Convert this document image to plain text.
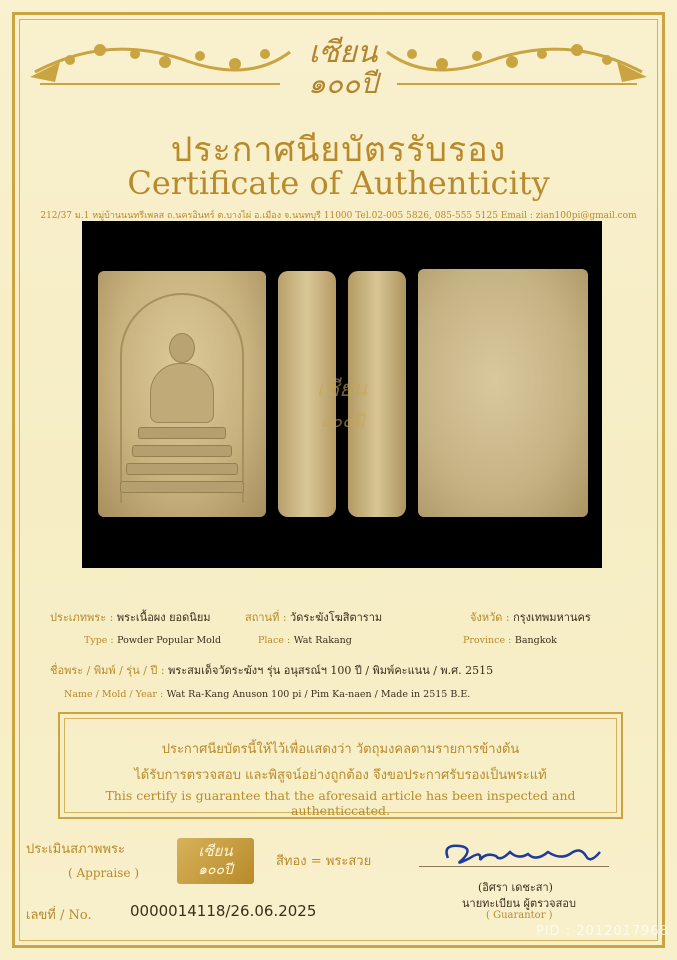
เซียน
๑๐๐ปี
ประกาศนียบัตรรับรอง
Certificate of Authenticity
212/37 ม.1 หมู่บ้านนนทรีเพลส ถ.นครอินทร์ ต.บางไผ่ อ.เมือง จ.นนทบุรี 11000 Tel.02-005 5826, 085-555 5125 Email : zian100pi@gmail.com
เซียน
๑๐๐ปี
ประเภทพระ : พระเนื้อผง ยอดนิยม	สถานที่ : วัดระฆังโฆสิตาราม	จังหวัด : กรุงเทพมหานคร
Type : Powder Popular Mold	Place : Wat Rakang	Province : Bangkok
ชื่อพระ / พิมพ์ / รุ่น / ปี : พระสมเด็จวัดระฆังฯ รุ่น อนุสรณ์ฯ 100 ปี / พิมพ์คะแนน / พ.ศ. 2515
Name / Mold / Year : Wat Ra-Kang Anuson 100 pi / Pim Ka-naen / Made in 2515 B.E.
ประกาศนียบัตรนี้ให้ไว้เพื่อแสดงว่า วัตถุมงคลตามรายการข้างต้น
ได้รับการตรวจสอบ และพิสูจน์อย่างถูกต้อง จึงขอประกาศรับรองเป็นพระแท้
This certify is guarantee that the aforesaid article has been inspected and authenticcated.
ประเมินสภาพพระ
( Appraise )
เซียน
๑๐๐ปี
สีทอง = พระสวย
(อิศรา เดชะสา)
นายทะเบียน ผู้ตรวจสอบ
( Guarantor )
เลขที่ / No.	0000014118/26.06.2025
PID : 2012017968
